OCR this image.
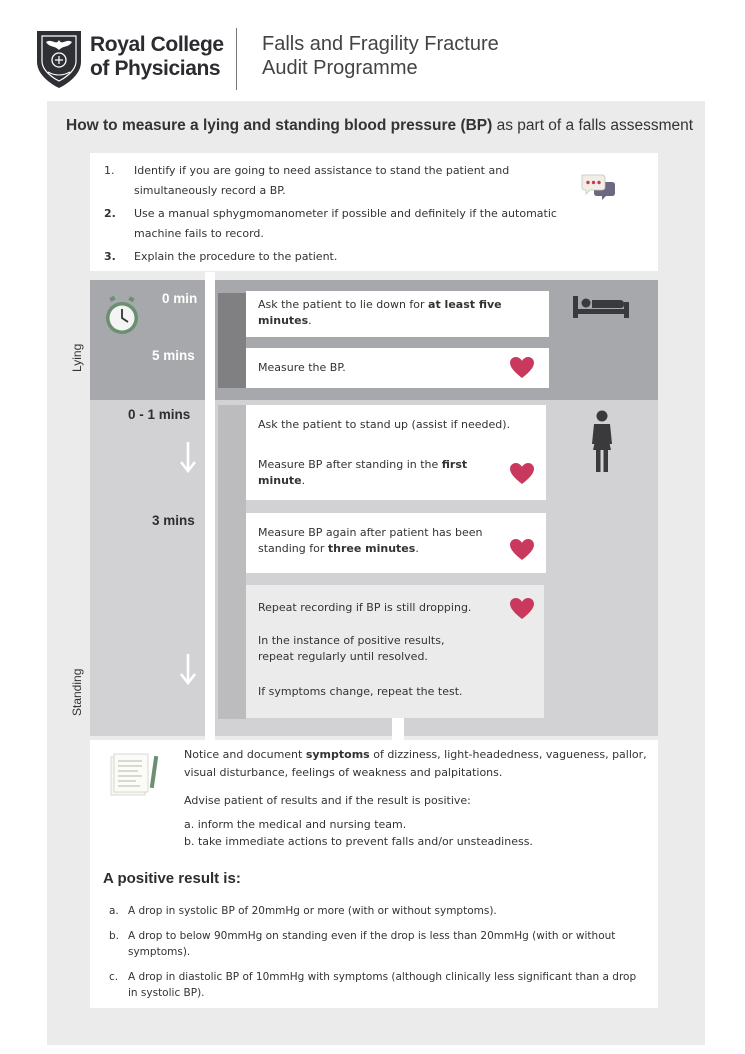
Royal College
of Physicians
Falls and Fragility Fracture
Audit Programme
How to measure a lying and standing blood pressure (BP) as part of a falls assessment
1. Identify if you are going to need assistance to stand the patient and simultaneously record a BP.
2. Use a manual sphygmomanometer if possible and definitely if the automatic machine fails to record.
3. Explain the procedure to the patient.
Lying
Standing
0 min
5 mins
0 - 1 mins
3 mins
Ask the patient to lie down for at least five minutes.
Measure the BP.
Ask the patient to stand up (assist if needed).
Measure BP after standing in the first minute.
Measure BP again after patient has been standing for three minutes.
Repeat recording if BP is still dropping.
In the instance of positive results, repeat regularly until resolved.
If symptoms change, repeat the test.
Notice and document symptoms of dizziness, light-headedness, vagueness, pallor, visual disturbance, feelings of weakness and palpitations.
Advise patient of results and if the result is positive:
a. inform the medical and nursing team.
b. take immediate actions to prevent falls and/or unsteadiness.
A positive result is:
a. A drop in systolic BP of 20mmHg or more (with or without symptoms).
b. A drop to below 90mmHg on standing even if the drop is less than 20mmHg (with or without symptoms).
c. A drop in diastolic BP of 10mmHg with symptoms (although clinically less significant than a drop in systolic BP).
